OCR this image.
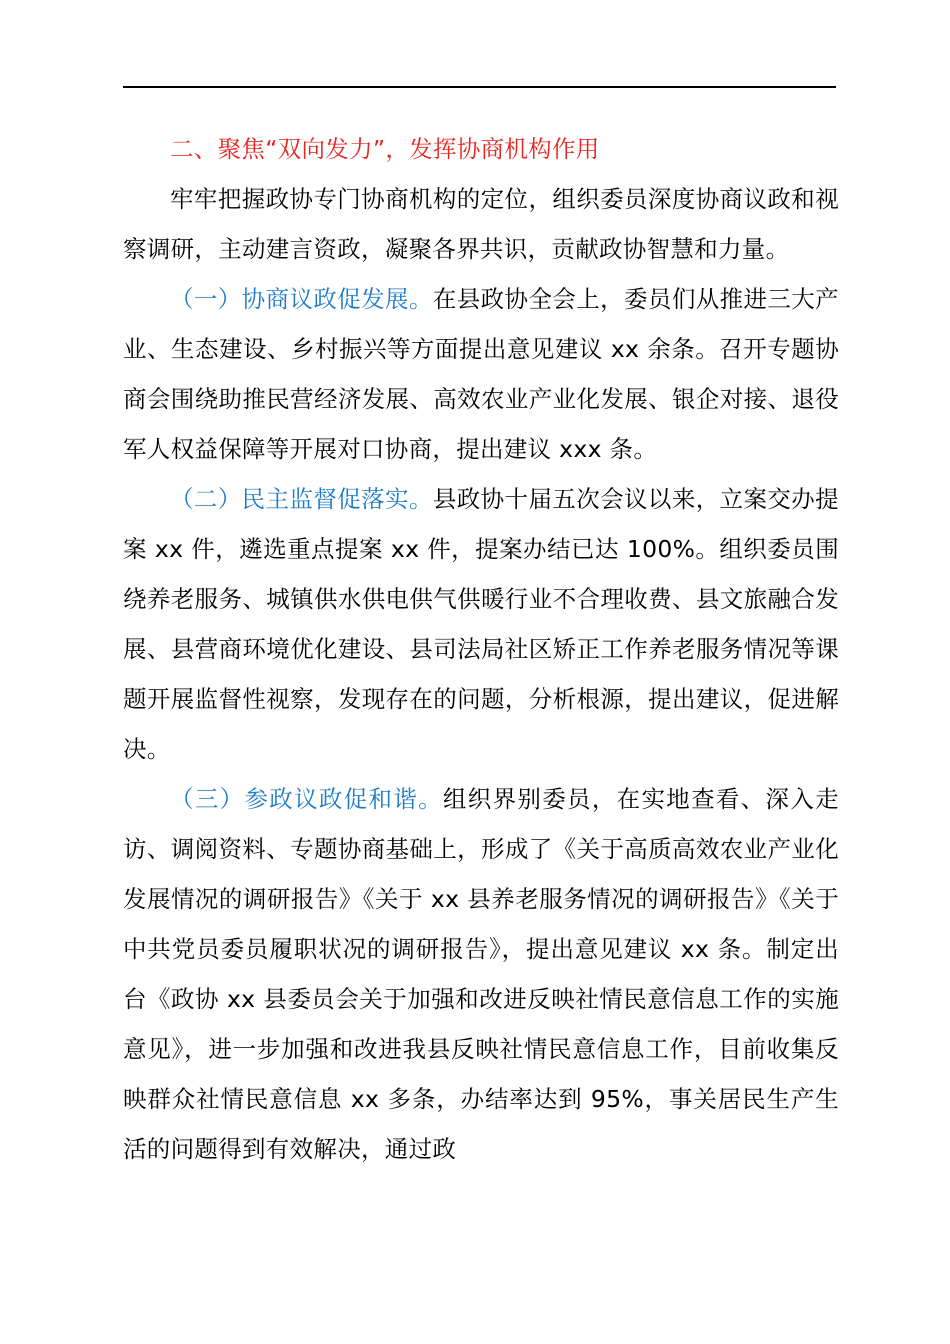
二、聚焦“双向发力”，发挥协商机构作用

牢牢把握政协专门协商机构的定位，组织委员深度协商议政和视察调研，主动建言资政，凝聚各界共识，贡献政协智慧和力量。

（一）协商议政促发展。在县政协全会上，委员们从推进三大产业、生态建设、乡村振兴等方面提出意见建议 xx 余条。召开专题协商会围绕助推民营经济发展、高效农业产业化发展、银企对接、退役军人权益保障等开展对口协商，提出建议 xxx 条。

（二）民主监督促落实。县政协十届五次会议以来，立案交办提案 xx 件，遴选重点提案 xx 件，提案办结已达 100%。组织委员围绕养老服务、城镇供水供电供气供暖行业不合理收费、县文旅融合发展、县营商环境优化建设、县司法局社区矫正工作养老服务情况等课题开展监督性视察，发现存在的问题，分析根源，提出建议，促进解决。

（三）参政议政促和谐。组织界别委员，在实地查看、深入走访、调阅资料、专题协商基础上，形成了《关于高质高效农业产业化发展情况的调研报告》《关于 xx 县养老服务情况的调研报告》《关于中共党员委员履职状况的调研报告》，提出意见建议 xx 条。制定出台《政协 xx 县委员会关于加强和改进反映社情民意信息工作的实施意见》，进一步加强和改进我县反映社情民意信息工作，目前收集反映群众社情民意信息 xx 多条，办结率达到 95%，事关居民生产生活的问题得到有效解决，通过政
